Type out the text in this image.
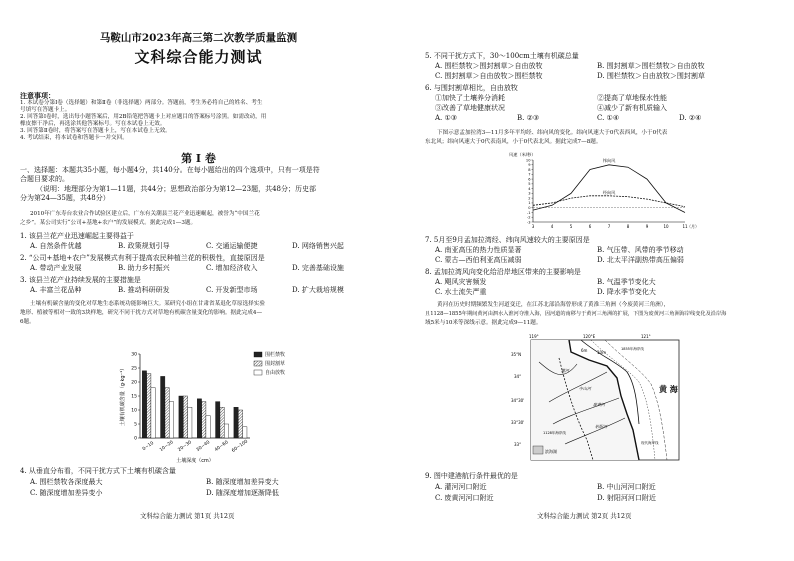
马鞍山市2023年高三第二次教学质量监测
文科综合能力测试
注意事项：
1. 本试卷分第Ⅰ卷（选择题）和第Ⅱ卷（非选择题）两部分。答题前，考生务必将自己的姓名、考生
号填写在答题卡上。
2. 回答第Ⅰ卷时，选出每小题答案后，用2B铅笔把答题卡上对应题目的答案标号涂黑。如需改动，用
橡皮擦干净后，再选涂其他答案标号。写在本试卷上无效。
3. 回答第Ⅱ卷时，将答案写在答题卡上，写在本试卷上无效。
4. 考试结束，将本试卷和答题卡一并交回。
第 Ⅰ 卷
一、选择题：本题共35小题，每小题4分，共140分。在每小题给出的四个选项中，只有一项是符
合题目要求的。
（说明：地理部分为第1—11题，共44分；思想政治部分为第12—23题，共48分；历史部
分为第24—35题，共48分）
2010年广东寿台农业合作试验区建立后，广东有关潮县兰花产业迅速崛起，被誉为“中国兰花
之乡”。某公司实行“公司+基地+农户”的发展模式。据此完成1—3题。
1. 该县兰花产业迅速崛起主要得益于
A. 自然条件优越	B. 政策规划引导	C. 交通运输便捷	D. 网络销售兴起
2. “公司+基地+农户”发展模式有利于提高农民种植兰花的积极性，直接原因是
A. 带动产业发展	B. 助力乡村振兴	C. 增加经济收入	D. 完善基础设施
3. 该县兰花产业持续发展的主要措施是
A. 丰富兰花品种	B. 推动科研研发	C. 开发新型市场	D. 扩大栽培规模
土壤有机碳含量的变化对草地生态系统功能影响巨大。某研究小组在甘肃省某退化草原选择实验
地形、植被等相对一致的3块样地，研究不同干扰方式对草地有机碳含量变化的影响。据此完成4—
6题。
0
5
10
15
20
25
30
0~10 10~20 20~30 30~40 40~60 60~100
土壤深度（cm）
土壤有机碳含量（g·kg⁻¹）
围栏禁牧
围封割草
自由放牧
4. 从垂直分布看，不同干扰方式下土壤有机碳含量
A. 围栏禁牧各深度最大	B. 随深度增加差异变大
C. 随深度增加差异变小	D. 随深度增加逐渐降低
文科综合能力测试 第1页 共12页
5. 不同干扰方式下，30～100cm土壤有机碳总量
A. 围栏禁牧＞围封割草＞自由放牧	B. 围封割草＞围栏禁牧＞自由放牧
C. 围封割草＞自由放牧＞围栏禁牧	D. 围栏禁牧＞自由放牧＞围封割草
6. 与围封割草相比，自由放牧
①加快了土壤养分消耗	②提高了草地保水性能
③改善了草地健康状况	④减少了新有机质输入
A. ①③	B. ②③	C. ①④	D. ②④
下图示意孟加拉湾3—11月多年平均经、纬向风的变化。纬向风速大于0代表西风，小于0代表
东北风；纬向风速大于0代表南风，小于0代表北风。据此完成7—8题。
10
9
8
7
6
5
4
3
2
1
0
-1
-2
-3
3	4	5	6	7	8	9	10	11 （月）
风速（米/秒）
纬向风
经向风
7. 5月至9月孟加拉湾经、纬向风速较大的主要原因是
A. 南亚高压的热力性质显著	B. 气压带、风带的季节移动
C. 蒙古—西伯利亚高压减弱	D. 北太平洋副热带高压偏弱
8. 孟加拉湾风向变化给沿岸地区带来的主要影响是
A. 飓风灾害频发	B. 气温季节变化大
C. 水土流失严重	D. 降水季节变化大
黄河在历史时期频繁发生河道变迁，在江苏北部沿海曾形成了黄淮三角洲（今废黄河三角洲），
且1128—1855年期间黄河由泗水入淮河夺淮入海，因河道的南移与于黄河三角洲的扩展，下图为废黄河三角洲海岸线变化及沿岸海
域5米与10米等深线示意。据此完成9—11题。
119°	120°E	121°
35°N
34°
34°30'
33°30'
33°
6m 10m
1855年海岸线
1128年海岸线
现代海岸线
灌河
中山河
废黄河
射阳河
黄 海
滨海湖
9. 图中建港航行条件最优的是
A. 灌河河口附近	B. 中山河河口附近
C. 废黄河河口附近	D. 射阳河河口附近
文科综合能力测试 第2页 共12页
